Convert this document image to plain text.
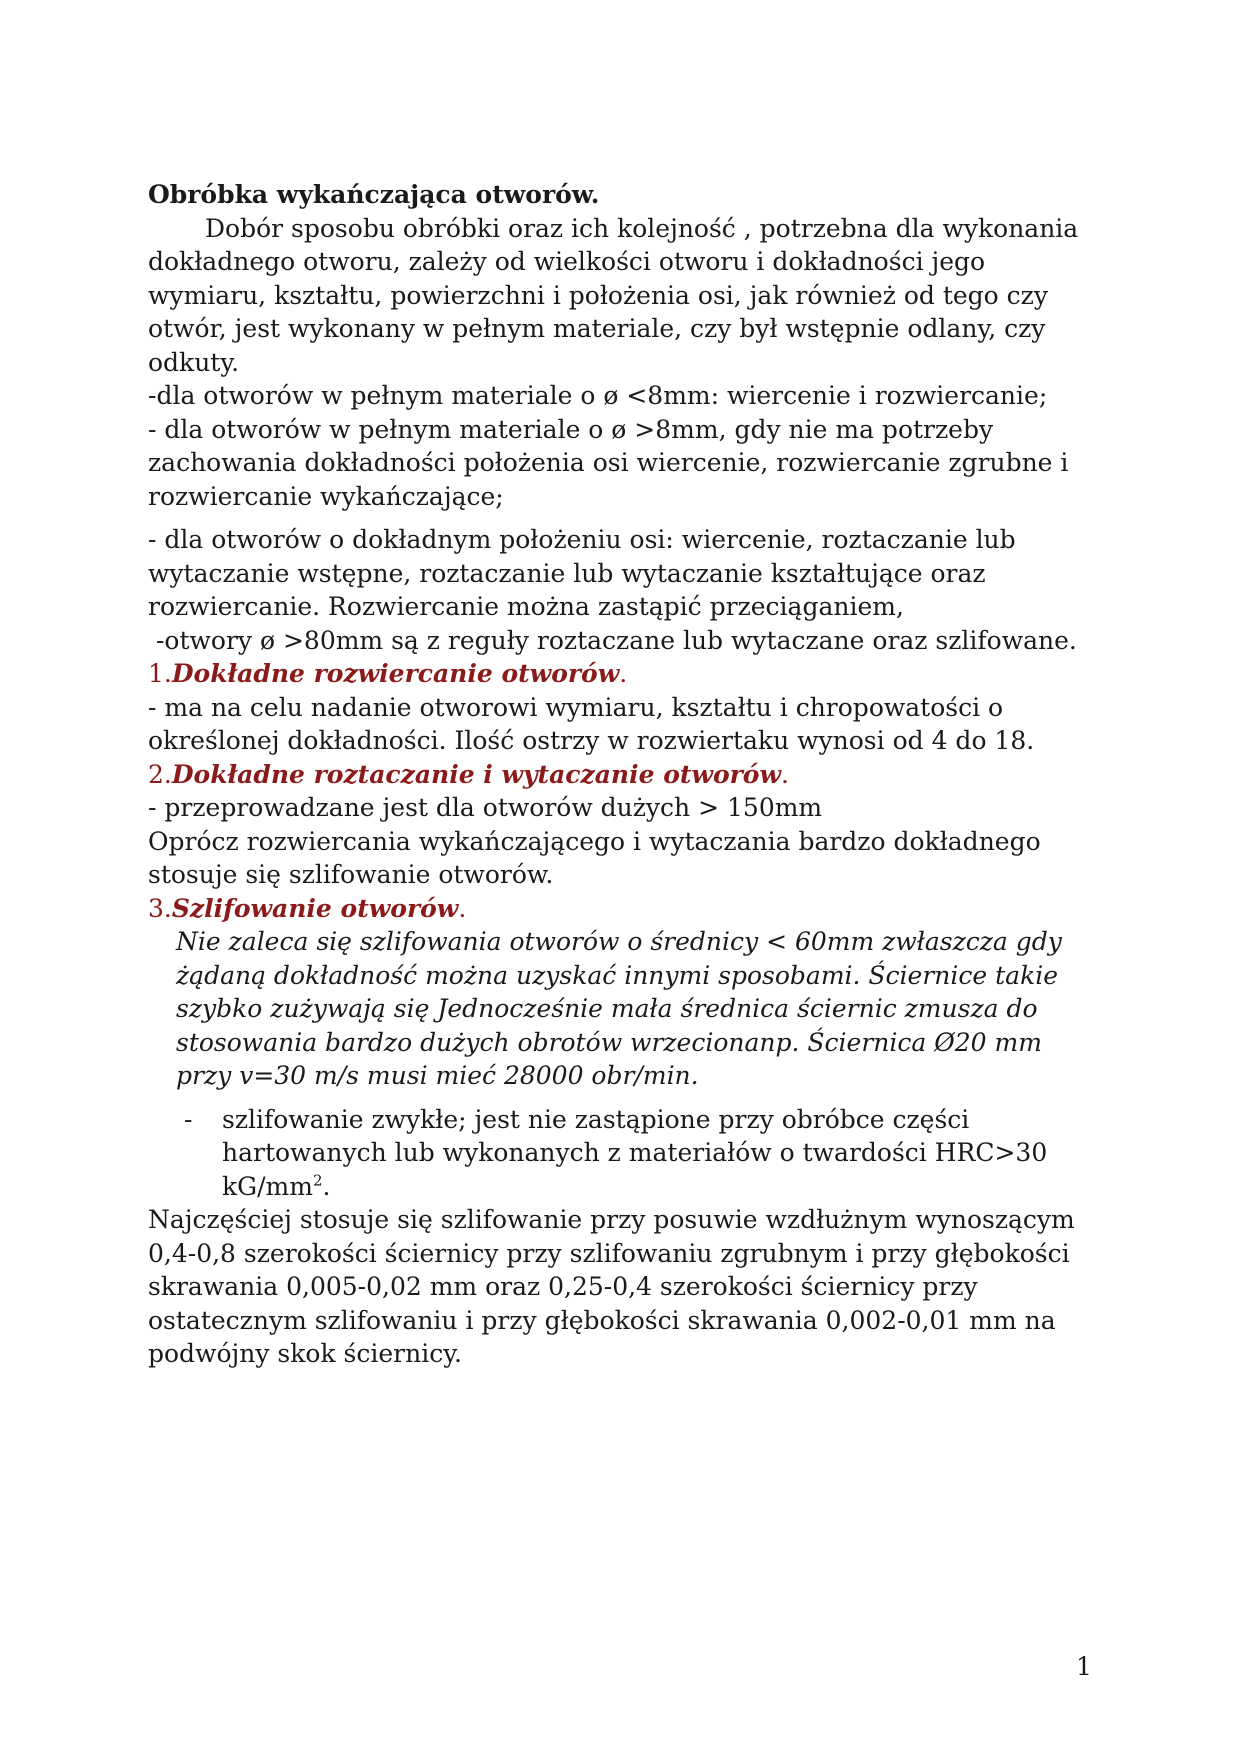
Obróbka wykańczająca otworów.

Dobór sposobu obróbki oraz ich kolejność , potrzebna dla wykonania dokładnego otworu, zależy od wielkości otworu i dokładności jego wymiaru, kształtu, powierzchni i położenia osi, jak również od tego czy otwór, jest wykonany w pełnym materiale, czy był wstępnie odlany, czy odkuty.

-dla otworów w pełnym materiale o ø <8mm: wiercenie i rozwiercanie;

- dla otworów w pełnym materiale o ø >8mm, gdy nie ma potrzeby zachowania dokładności położenia osi wiercenie, rozwiercanie zgrubne i rozwiercanie wykańczające;

- dla otworów o dokładnym położeniu osi: wiercenie, roztaczanie lub wytaczanie wstępne, roztaczanie lub wytaczanie kształtujące oraz rozwiercanie. Rozwiercanie można zastąpić przeciąganiem,

-otwory ø >80mm są z reguły roztaczane lub wytaczane oraz szlifowane.

1.Dokładne rozwiercanie otworów.

- ma na celu nadanie otworowi wymiaru, kształtu i chropowatości o określonej dokładności. Ilość ostrzy w rozwiertaku wynosi od 4 do 18.

2.Dokładne roztaczanie i wytaczanie otworów.

- przeprowadzane jest dla otworów dużych > 150mm

Oprócz rozwiercania wykańczającego i wytaczania bardzo dokładnego stosuje się szlifowanie otworów.

3.Szlifowanie otworów.

Nie zaleca się szlifowania otworów o średnicy < 60mm zwłaszcza gdy żądaną dokładność można uzyskać innymi sposobami. Ściernice takie szybko zużywają się Jednocześnie mała średnica ściernic zmusza do stosowania bardzo dużych obrotów wrzecionanp. Ściernica Ø20 mm przy v=30 m/s musi mieć 28000 obr/min.

- szlifowanie zwykłe; jest nie zastąpione przy obróbce części hartowanych lub wykonanych z materiałów o twardości HRC>30 $kG/mm^2$.

Najczęściej stosuje się szlifowanie przy posuwie wzdłużnym wynoszącym 0,4-0,8 szerokości ściernicy przy szlifowaniu zgrubnym i przy głębokości skrawania 0,005-0,02 mm oraz 0,25-0,4 szerokości ściernicy przy ostatecznym szlifowaniu i przy głębokości skrawania 0,002-0,01 mm na podwójny skok ściernicy.

1
